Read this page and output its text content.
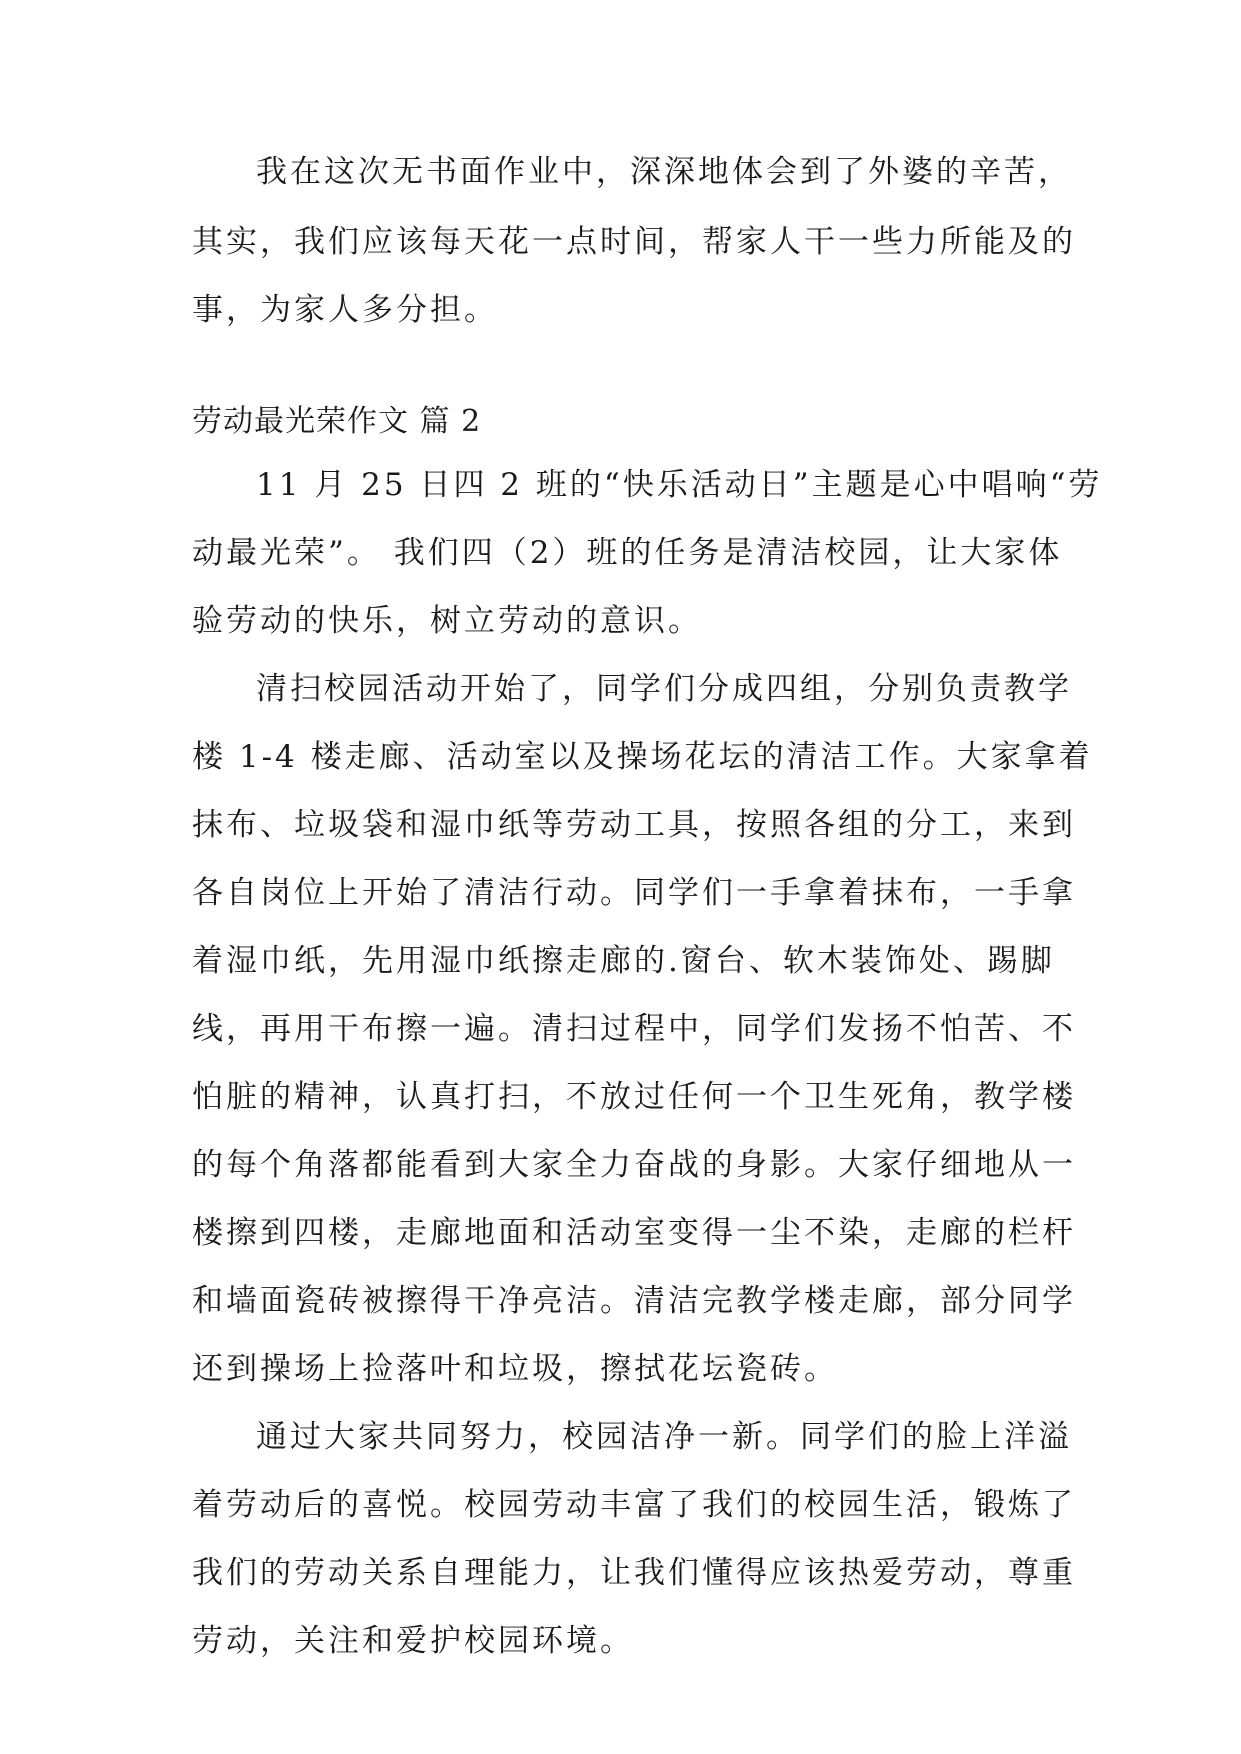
我在这次无书面作业中，深深地体会到了外婆的辛苦，

其实，我们应该每天花一点时间，帮家人干一些力所能及的

事，为家人多分担。

劳动最光荣作文 篇 2

11 月 25 日四 2 班的“快乐活动日”主题是心中唱响“劳

动最光荣”。 我们四（2）班的任务是清洁校园，让大家体

验劳动的快乐，树立劳动的意识。

清扫校园活动开始了，同学们分成四组，分别负责教学

楼 1-4 楼走廊、活动室以及操场花坛的清洁工作。大家拿着

抹布、垃圾袋和湿巾纸等劳动工具，按照各组的分工，来到

各自岗位上开始了清洁行动。同学们一手拿着抹布，一手拿

着湿巾纸，先用湿巾纸擦走廊的.窗台、软木装饰处、踢脚

线，再用干布擦一遍。清扫过程中，同学们发扬不怕苦、不

怕脏的精神，认真打扫，不放过任何一个卫生死角，教学楼

的每个角落都能看到大家全力奋战的身影。大家仔细地从一

楼擦到四楼，走廊地面和活动室变得一尘不染，走廊的栏杆

和墙面瓷砖被擦得干净亮洁。清洁完教学楼走廊，部分同学

还到操场上捡落叶和垃圾，擦拭花坛瓷砖。

通过大家共同努力，校园洁净一新。同学们的脸上洋溢

着劳动后的喜悦。校园劳动丰富了我们的校园生活，锻炼了

我们的劳动关系自理能力，让我们懂得应该热爱劳动，尊重

劳动，关注和爱护校园环境。
